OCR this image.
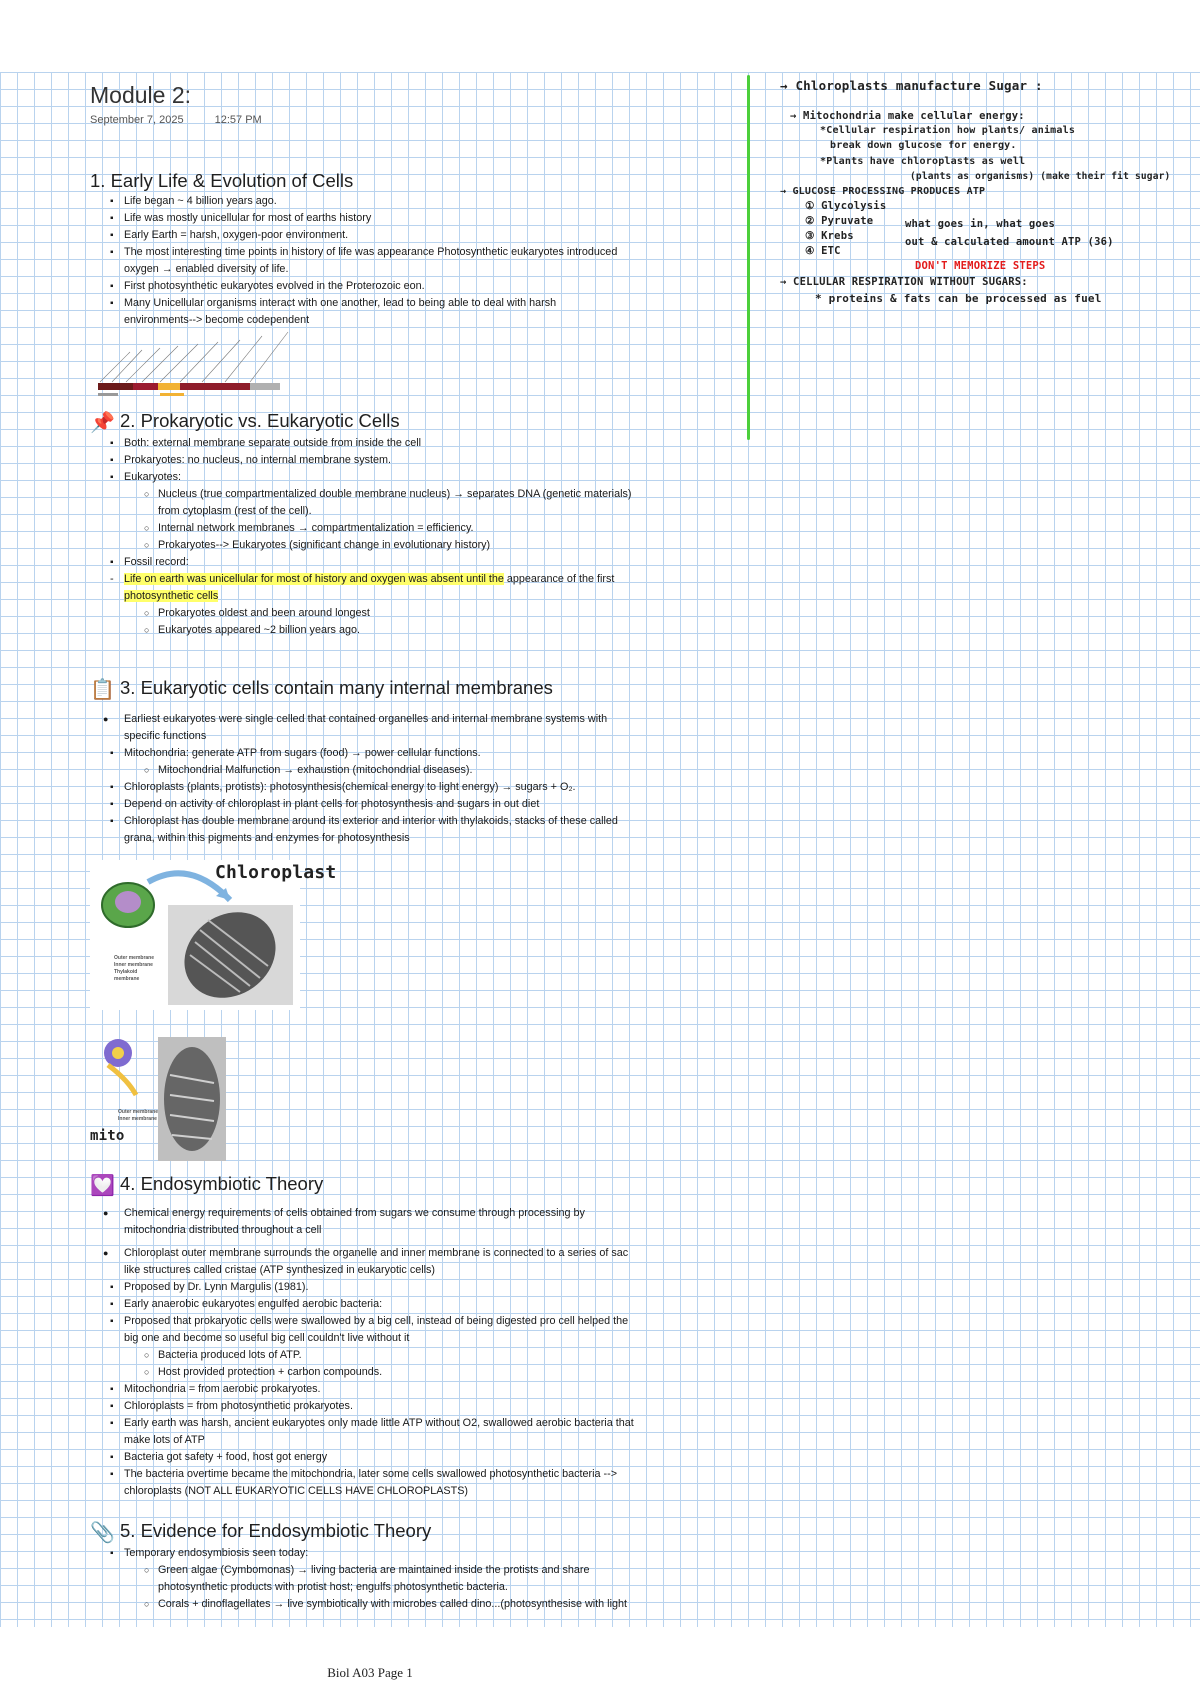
Module 2:
September 7, 2025	12:57 PM
1. Early Life & Evolution of Cells
▪ Life began ~ 4 billion years ago.
▪ Life was mostly unicellular for most of earths history
▪ Early Earth = harsh, oxygen-poor environment.
▪ The most interesting time points in history of life was appearance Photosynthetic eukaryotes introduced
oxygen → enabled diversity of life.
▪ First photosynthetic eukaryotes evolved in the Proterozoic eon.
▪ Many Unicellular organisms interact with one another, lead to being able to deal with harsh
environments--> become codependent
📌 2. Prokaryotic vs. Eukaryotic Cells
▪ Both: external membrane separate outside from inside the cell
▪ Prokaryotes: no nucleus, no internal membrane system.
▪ Eukaryotes:
○ Nucleus (true compartmentalized double membrane nucleus) → separates DNA (genetic materials)
from cytoplasm (rest of the cell).
○ Internal network membranes → compartmentalization = efficiency.
○ Prokaryotes--> Eukaryotes (significant change in evolutionary history)
▪ Fossil record:
- Life on earth was unicellular for most of history and oxygen was absent until the appearance of the first
photosynthetic cells
○ Prokaryotes oldest and been around longest
○ Eukaryotes appeared ~2 billion years ago.
📋 3. Eukaryotic cells contain many internal membranes
● Earliest eukaryotes were single celled that contained organelles and internal membrane systems with
specific functions
▪ Mitochondria: generate ATP from sugars (food) → power cellular functions.
○ Mitochondrial Malfunction → exhaustion (mitochondrial diseases).
▪ Chloroplasts (plants, protists): photosynthesis(chemical energy to light energy) → sugars + O₂.
▪ Depend on activity of chloroplast in plant cells for photosynthesis and sugars in out diet
▪ Chloroplast has double membrane around its exterior and interior with thylakoids, stacks of these called
grana, within this pigments and enzymes for photosynthesis
Outer membrane
Inner membrane
Thylakoid
membrane
Chloroplast
Outer membrane
Inner membrane
mito
💟 4. Endosymbiotic Theory
● Chemical energy requirements of cells obtained from sugars we consume through processing by
mitochondria distributed throughout a cell
● Chloroplast outer membrane surrounds the organelle and inner membrane is connected to a series of sac
like structures called cristae (ATP synthesized in eukaryotic cells)
▪ Proposed by Dr. Lynn Margulis (1981).
▪ Early anaerobic eukaryotes engulfed aerobic bacteria:
▪ Proposed that prokaryotic cells were swallowed by a big cell, instead of being digested pro cell helped the
big one and become so useful big cell couldn't live without it
○ Bacteria produced lots of ATP.
○ Host provided protection + carbon compounds.
▪ Mitochondria = from aerobic prokaryotes.
▪ Chloroplasts = from photosynthetic prokaryotes.
▪ Early earth was harsh, ancient eukaryotes only made little ATP without O2, swallowed aerobic bacteria that
make lots of ATP
▪ Bacteria got safety + food, host got energy
▪ The bacteria overtime became the mitochondria, later some cells swallowed photosynthetic bacteria -->
chloroplasts (NOT ALL EUKARYOTIC CELLS HAVE CHLOROPLASTS)
📎 5. Evidence for Endosymbiotic Theory
▪ Temporary endosymbiosis seen today:
○ Green algae (Cymbomonas) → living bacteria are maintained inside the protists and share
photosynthetic products with protist host; engulfs photosynthetic bacteria.
○ Corals + dinoflagellates → live symbiotically with microbes called dino...(photosynthesise with light
→ Chloroplasts manufacture Sugar :
→ Mitochondria make cellular energy:
*Cellular respiration how plants/ animals
break down glucose for energy.
*Plants have chloroplasts as well
(plants as organisms) (make their fit sugar)
→ GLUCOSE PROCESSING PRODUCES ATP
① Glycolysis
② Pyruvate
③ Krebs
④ ETC
what goes in, what goes
out & calculated amount ATP (36)
DON'T MEMORIZE STEPS
→ CELLULAR RESPIRATION WITHOUT SUGARS:
* proteins & fats can be processed as fuel
Biol A03 Page 1
